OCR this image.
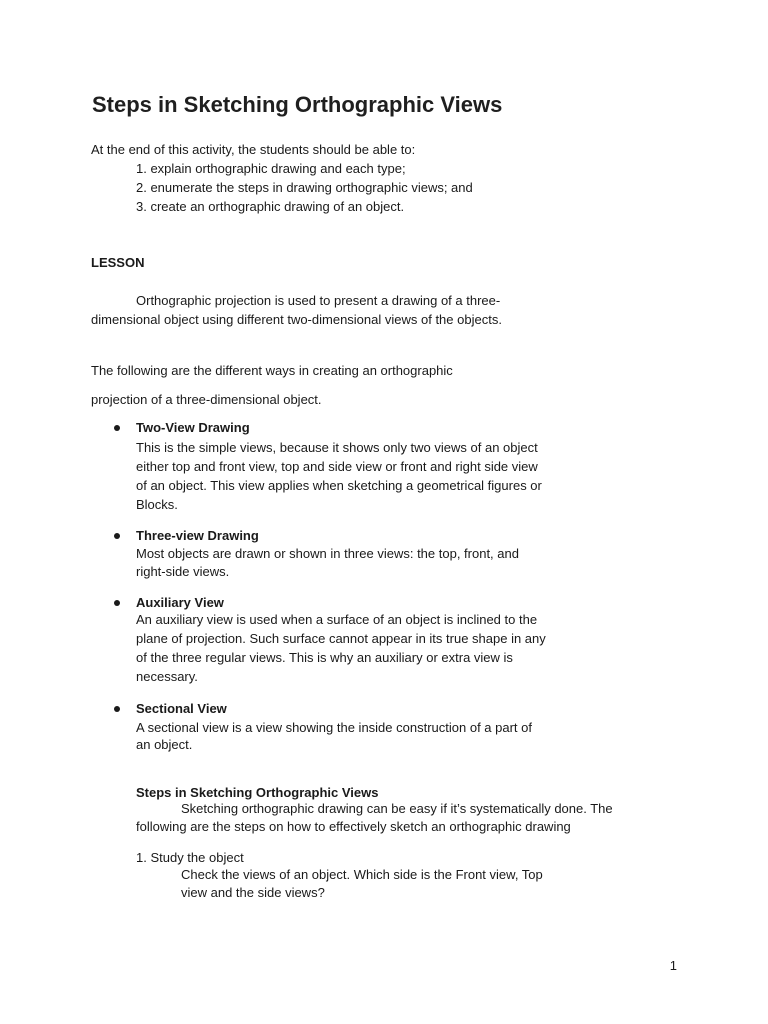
Steps in Sketching Orthographic Views
At the end of this activity, the students should be able to:
1. explain orthographic drawing and each type;
2. enumerate the steps in drawing orthographic views; and
3. create an orthographic drawing of an object.
LESSON
Orthographic projection is used to present a drawing of a three-
dimensional object using different two-dimensional views of the objects.
The following are the different ways in creating an orthographic
projection of a three-dimensional object.
Two-View Drawing
This is the simple views, because it shows only two views of an object
either top and front view, top and side view or front and right side view
of an object. This view applies when sketching a geometrical figures or
Blocks.
Three-view Drawing
Most objects are drawn or shown in three views: the top, front, and
right-side views.
Auxiliary View
An auxiliary view is used when a surface of an object is inclined to the
plane of projection. Such surface cannot appear in its true shape in any
of the three regular views. This is why an auxiliary or extra view is
necessary.
Sectional View
A sectional view is a view showing the inside construction of a part of
an object.
Steps in Sketching Orthographic Views
Sketching orthographic drawing can be easy if it’s systematically done. The
following are the steps on how to effectively sketch an orthographic drawing
1. Study the object
Check the views of an object. Which side is the Front view, Top
view and the side views?
1
